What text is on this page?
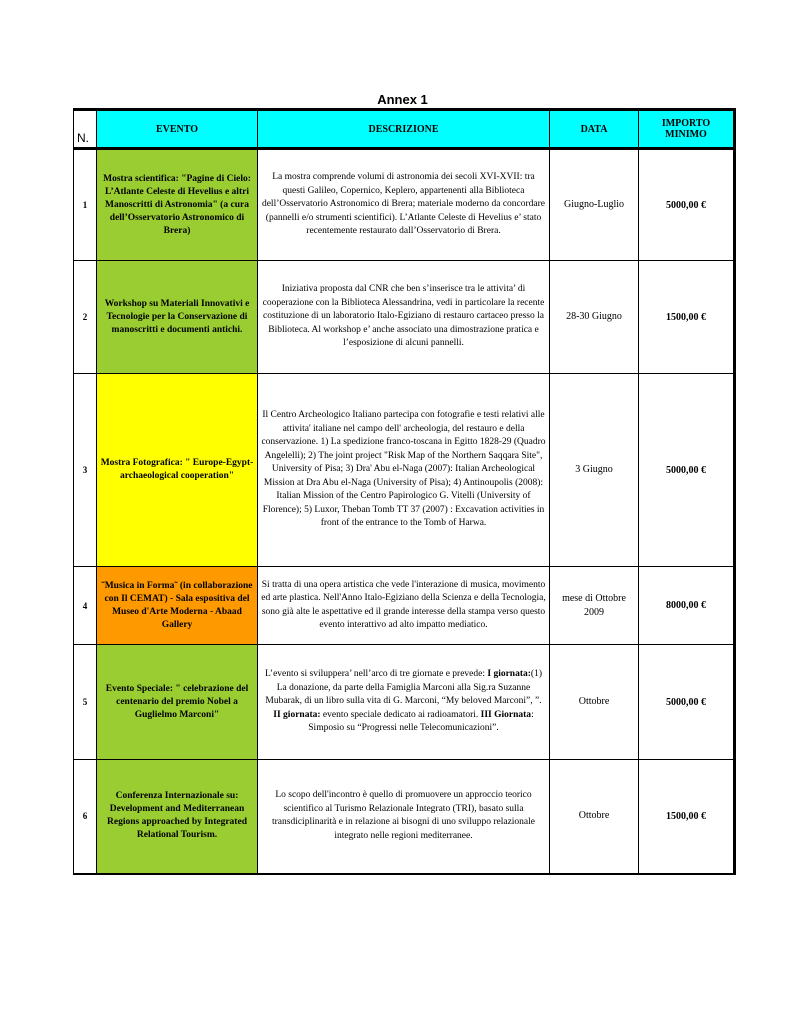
Annex 1
N.	EVENTO	DESCRIZIONE	DATA	IMPORTO MINIMO
1	Mostra scientifica: "Pagine di Cielo: L’Atlante Celeste di Hevelius e altri Manoscritti di Astronomia" (a cura dell’Osservatorio Astronomico di Brera)	La mostra comprende volumi di astronomia dei secoli XVI-XVII: tra questi Galileo, Copernico, Keplero, appartenenti alla Biblioteca dell’Osservatorio Astronomico di Brera; materiale moderno da concordare (pannelli e/o strumenti scientifici). L’Atlante Celeste di Hevelius e’ stato recentemente restaurato dall’Osservatorio di Brera.	Giugno-Luglio	5000,00 €
2	Workshop su Materiali Innovativi e Tecnologie per la Conservazione di manoscritti e documenti antichi.	Iniziativa proposta dal CNR che ben s’inserisce tra le attivita’ di cooperazione con la Biblioteca Alessandrina, vedi in particolare la recente costituzione di un laboratorio Italo-Egiziano di restauro cartaceo presso la Biblioteca. Al workshop e’ anche associato una dimostrazione pratica e l’esposizione di alcuni pannelli.	28-30 Giugno	1500,00 €
3	Mostra Fotografica: " Europe-Egypt- archaeological cooperation"	Il Centro Archeologico Italiano partecipa con fotografie e testi relativi alle attivita' italiane nel campo dell' archeologia, del restauro e della conservazione. 1) La spedizione franco-toscana in Egitto 1828-29 (Quadro Angelelli); 2) The joint project "Risk Map of the Northern Saqqara Site", University of Pisa; 3) Dra' Abu el-Naga (2007): Italian Archeological Mission at Dra Abu el-Naga (University of Pisa); 4) Antinoupolis (2008): Italian Mission of the Centro Papirologico G. Vitelli (University of Florence); 5) Luxor, Theban Tomb TT 37 (2007) : Excavation activities in front of the entrance to the Tomb of Harwa.	3 Giugno	5000,00 €
4	˜Musica in Forma˜ (in collaborazione con Il CEMAT) - Sala espositiva del Museo d'Arte Moderna - Abaad Gallery	Si tratta di una opera artistica che vede l'interazione di musica, movimento ed arte plastica. Nell'Anno Italo-Egiziano della Scienza e della Tecnologia, sono già alte le aspettative ed il grande interesse della stampa verso questo evento interattivo ad alto impatto mediatico.	mese di Ottobre 2009	8000,00 €
5	Evento Speciale: " celebrazione del centenario del premio Nobel a Guglielmo Marconi"	L’evento si sviluppera’ nell’arco di tre giornate e prevede: I giornata:(1) La donazione, da parte della Famiglia Marconi alla Sig.ra Suzanne Mubarak, di un libro sulla vita di G. Marconi, “My beloved Marconi”, ”. II giornata: evento speciale dedicato ai radioamatori. III Giornata: Simposio su “Progressi nelle Telecomunicazioni”.	Ottobre	5000,00 €
6	Conferenza Internazionale su: Development and Mediterranean Regions approached by Integrated Relational Tourism.	Lo scopo dell'incontro è quello di promuovere un approccio teorico scientifico al Turismo Relazionale Integrato (TRI), basato sulla transdiciplinarità e in relazione ai bisogni di uno sviluppo relazionale integrato nelle regioni mediterranee.	Ottobre	1500,00 €
